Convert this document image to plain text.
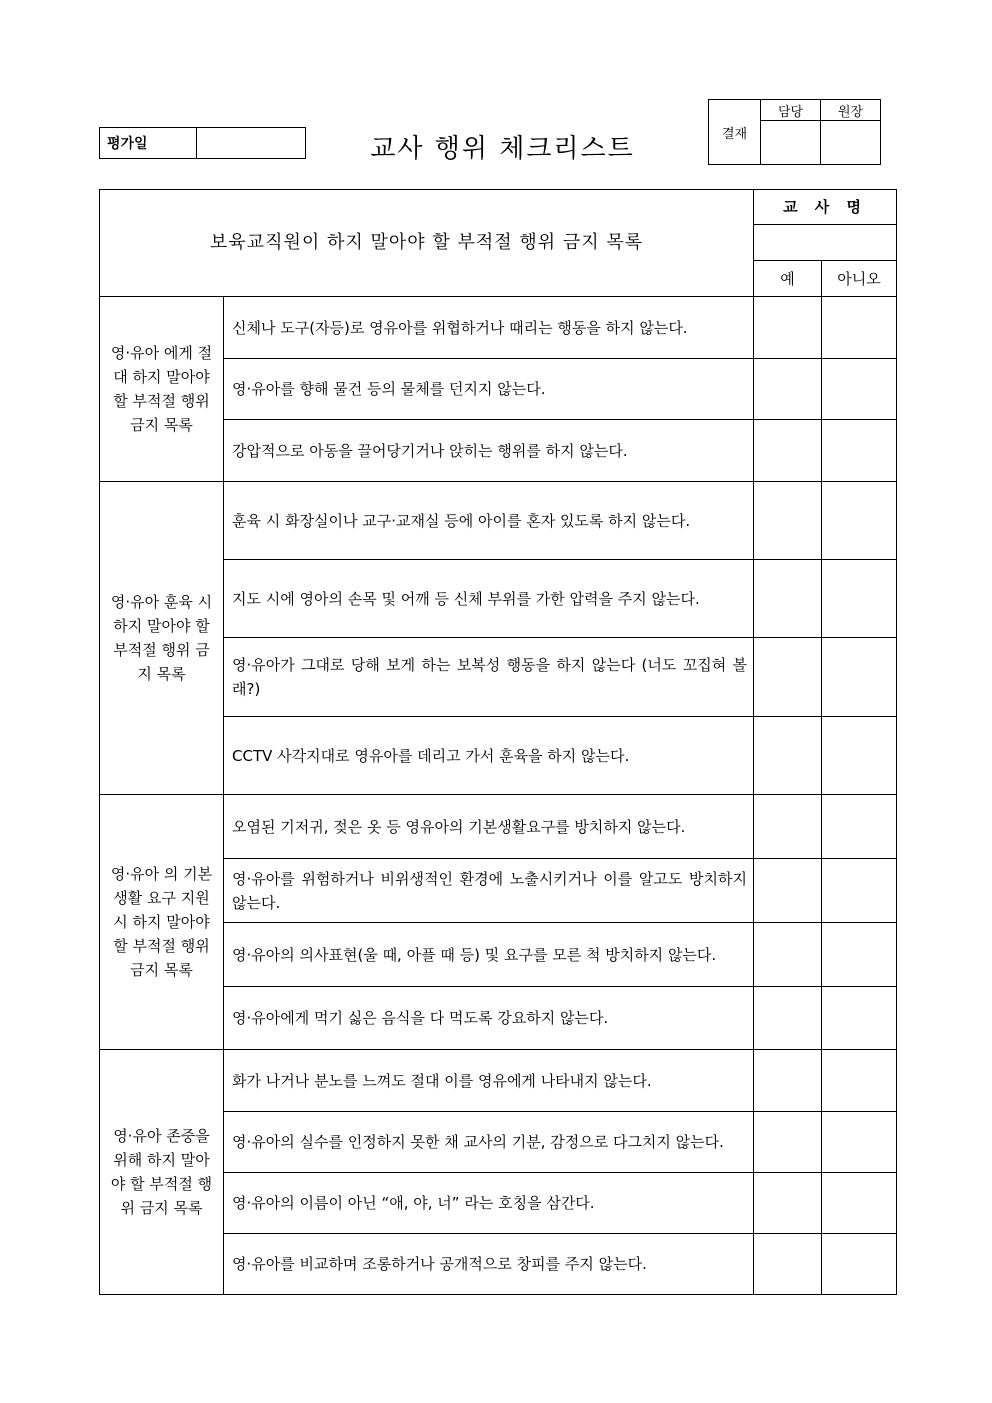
평가일		교사 행위 체크리스트	결재	담당	원장

보육교직원이 하지 말아야 할 부적절 행위 금지 목록		교 사 명	

		예	아니오
영·유아 에게 절대 하지 말아야 할 부적절 행위 금지 목록	신체나 도구(자등)로 영유아를 위협하거나 때리는 행동을 하지 않는다.		
	영·유아를 향해 물건 등의 물체를 던지지 않는다.		
	강압적으로 아동을 끌어당기거나 앉히는 행위를 하지 않는다.		
영·유아 훈육 시 하지 말아야 할 부적절 행위 금지 목록	훈육 시 화장실이나 교구·교재실 등에 아이를 혼자 있도록 하지 않는다.		
	지도 시에 영아의 손목 및 어깨 등 신체 부위를 가한 압력을 주지 않는다.		
	영·유아가 그대로 당해 보게 하는 보복성 행동을 하지 않는다 (너도 꼬집혀 볼래?)		
	CCTV 사각지대로 영유아를 데리고 가서 훈육을 하지 않는다.		
영·유아 의 기본생활 요구 지원 시 하지 말아야 할 부적절 행위 금지 목록	오염된 기저귀, 젖은 옷 등 영유아의 기본생활요구를 방치하지 않는다.		
	영·유아를 위험하거나 비위생적인 환경에 노출시키거나 이를 알고도 방치하지 않는다.		
	영·유아의 의사표현(울 때, 아플 때 등) 및 요구를 모른 척 방치하지 않는다.		
	영·유아에게 먹기 싫은 음식을 다 먹도록 강요하지 않는다.		
영·유아 존중을 위해 하지 말아야 할 부적절 행위 금지 목록	화가 나거나 분노를 느껴도 절대 이를 영유에게 나타내지 않는다.		
	영·유아의 실수를 인정하지 못한 채 교사의 기분, 감정으로 다그치지 않는다.		
	영·유아의 이름이 아닌 “애, 야, 너” 라는 호칭을 삼간다.		
	영·유아를 비교하며 조롱하거나 공개적으로 창피를 주지 않는다.		
